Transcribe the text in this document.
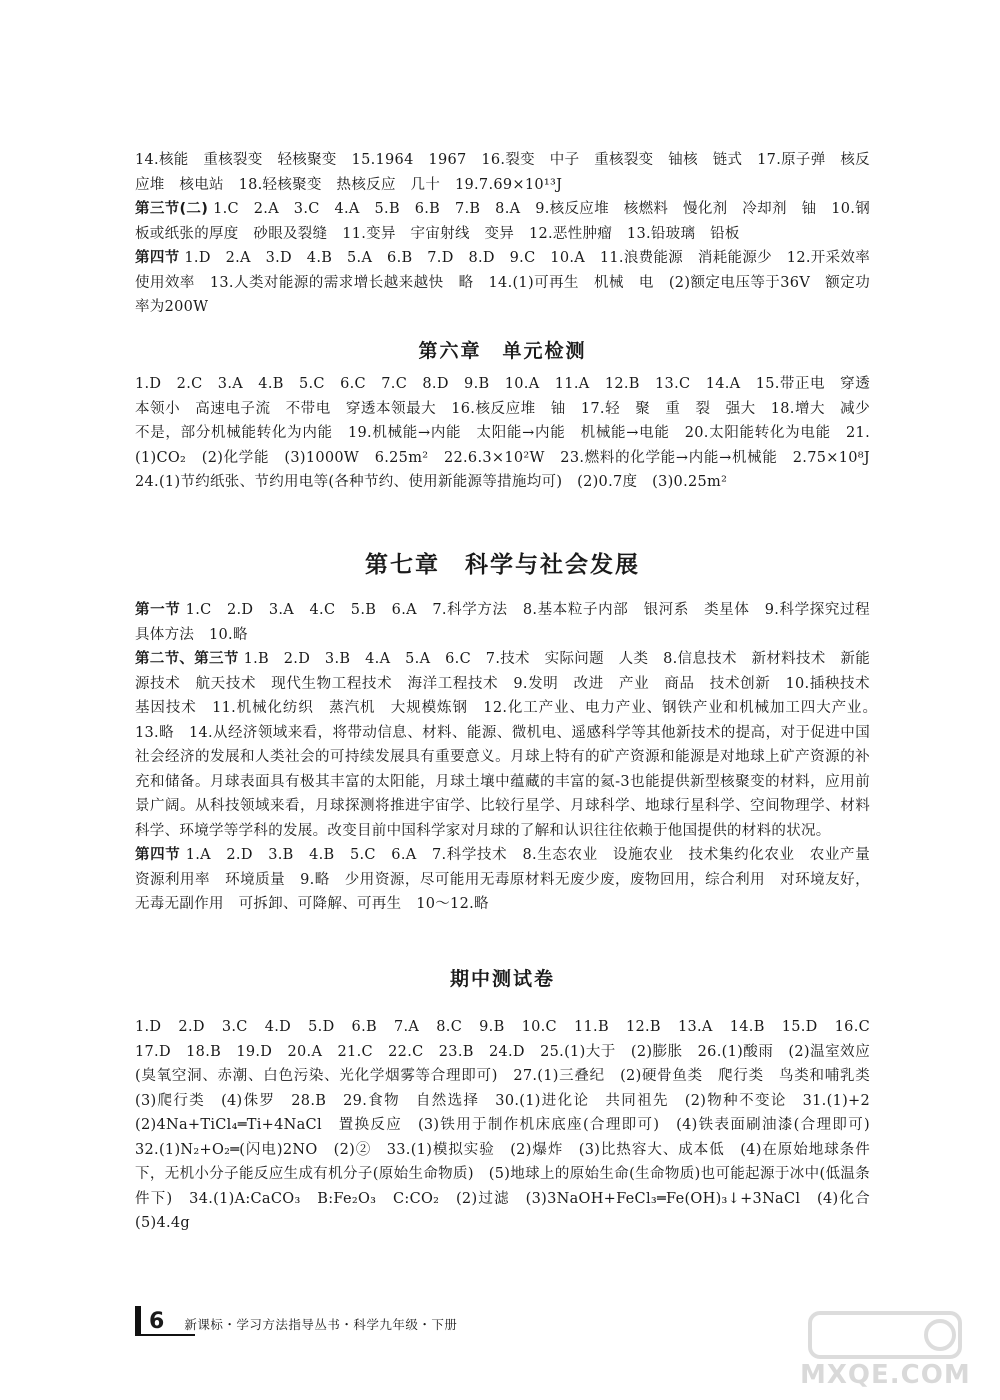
14.核能　重核裂变　轻核聚变　15.1964　1967　16.裂变　中子　重核裂变　铀核　链式　17.原子弹　核反应堆　核电站　18.轻核聚变　热核反应　几十　19.7.69×10¹³J
第三节(二) 1.C　2.A　3.C　4.A　5.B　6.B　7.B　8.A　9.核反应堆　核燃料　慢化剂　冷却剂　铀　10.钢板或纸张的厚度　砂眼及裂缝　11.变异　宇宙射线　变异　12.恶性肿瘤　13.铅玻璃　铅板
第四节 1.D　2.A　3.D　4.B　5.A　6.B　7.D　8.D　9.C　10.A　11.浪费能源　消耗能源少　12.开采效率　使用效率　13.人类对能源的需求增长越来越快　略　14.(1)可再生　机械　电　(2)额定电压等于36V　额定功率为200W

第六章　单元检测

1.D　2.C　3.A　4.B　5.C　6.C　7.C　8.D　9.B　10.A　11.A　12.B　13.C　14.A　15.带正电　穿透本领小　高速电子流　不带电　穿透本领最大　16.核反应堆　铀　17.轻　聚　重　裂　强大　18.增大　减少　不是，部分机械能转化为内能　19.机械能→内能　太阳能→内能　机械能→电能　20.太阳能转化为电能　21.(1)CO₂　(2)化学能　(3)1000W　6.25m²　22.6.3×10²W　23.燃料的化学能→内能→机械能　2.75×10⁸J　24.(1)节约纸张、节约用电等(各种节约、使用新能源等措施均可)　(2)0.7度　(3)0.25m²

第七章　科学与社会发展

第一节 1.C　2.D　3.A　4.C　5.B　6.A　7.科学方法　8.基本粒子内部　银河系　类星体　9.科学探究过程　具体方法　10.略
第二节、第三节 1.B　2.D　3.B　4.A　5.A　6.C　7.技术　实际问题　人类　8.信息技术　新材料技术　新能源技术　航天技术　现代生物工程技术　海洋工程技术　9.发明　改进　产业　商品　技术创新　10.插秧技术　基因技术　11.机械化纺织　蒸汽机　大规模炼钢　12.化工产业、电力产业、钢铁产业和机械加工四大产业。　13.略　14.从经济领域来看，将带动信息、材料、能源、微机电、遥感科学等其他新技术的提高，对于促进中国社会经济的发展和人类社会的可持续发展具有重要意义。月球上特有的矿产资源和能源是对地球上矿产资源的补充和储备。月球表面具有极其丰富的太阳能，月球土壤中蕴藏的丰富的氦-3也能提供新型核聚变的材料，应用前景广阔。从科技领域来看，月球探测将推进宇宙学、比较行星学、月球科学、地球行星科学、空间物理学、材料科学、环境学等学科的发展。改变目前中国科学家对月球的了解和认识往往依赖于他国提供的材料的状况。
第四节 1.A　2.D　3.B　4.B　5.C　6.A　7.科学技术　8.生态农业　设施农业　技术集约化农业　农业产量　资源利用率　环境质量　9.略　少用资源，尽可能用无毒原材料无废少废，废物回用，综合利用　对环境友好，无毒无副作用　可拆卸、可降解、可再生　10～12.略

期中测试卷

1.D　2.D　3.C　4.D　5.D　6.B　7.A　8.C　9.B　10.C　11.B　12.B　13.A　14.B　15.D　16.C　17.D　18.B　19.D　20.A　21.C　22.C　23.B　24.D　25.(1)大于　(2)膨胀　26.(1)酸雨　(2)温室效应(臭氧空洞、赤潮、白色污染、光化学烟雾等合理即可)　27.(1)三叠纪　(2)硬骨鱼类　爬行类　鸟类和哺乳类　(3)爬行类　(4)侏罗　28.B　29.食物　自然选择　30.(1)进化论　共同祖先　(2)物种不变论　31.(1)+2　(2)4Na+TiCl₄═Ti+4NaCl　置换反应　(3)铁用于制作机床底座(合理即可)　(4)铁表面刷油漆(合理即可)　32.(1)N₂+O₂═(闪电)2NO　(2)②　33.(1)模拟实验　(2)爆炸　(3)比热容大、成本低　(4)在原始地球条件下，无机小分子能反应生成有机分子(原始生命物质)　(5)地球上的原始生命(生命物质)也可能起源于冰中(低温条件下)　34.(1)A:CaCO₃　B:Fe₂O₃　C:CO₂　(2)过滤　(3)3NaOH+FeCl₃═Fe(OH)₃↓+3NaCl　(4)化合　(5)4.4g

6 新课标・学习方法指导丛书・科学九年级・下册
MXQE.COM
